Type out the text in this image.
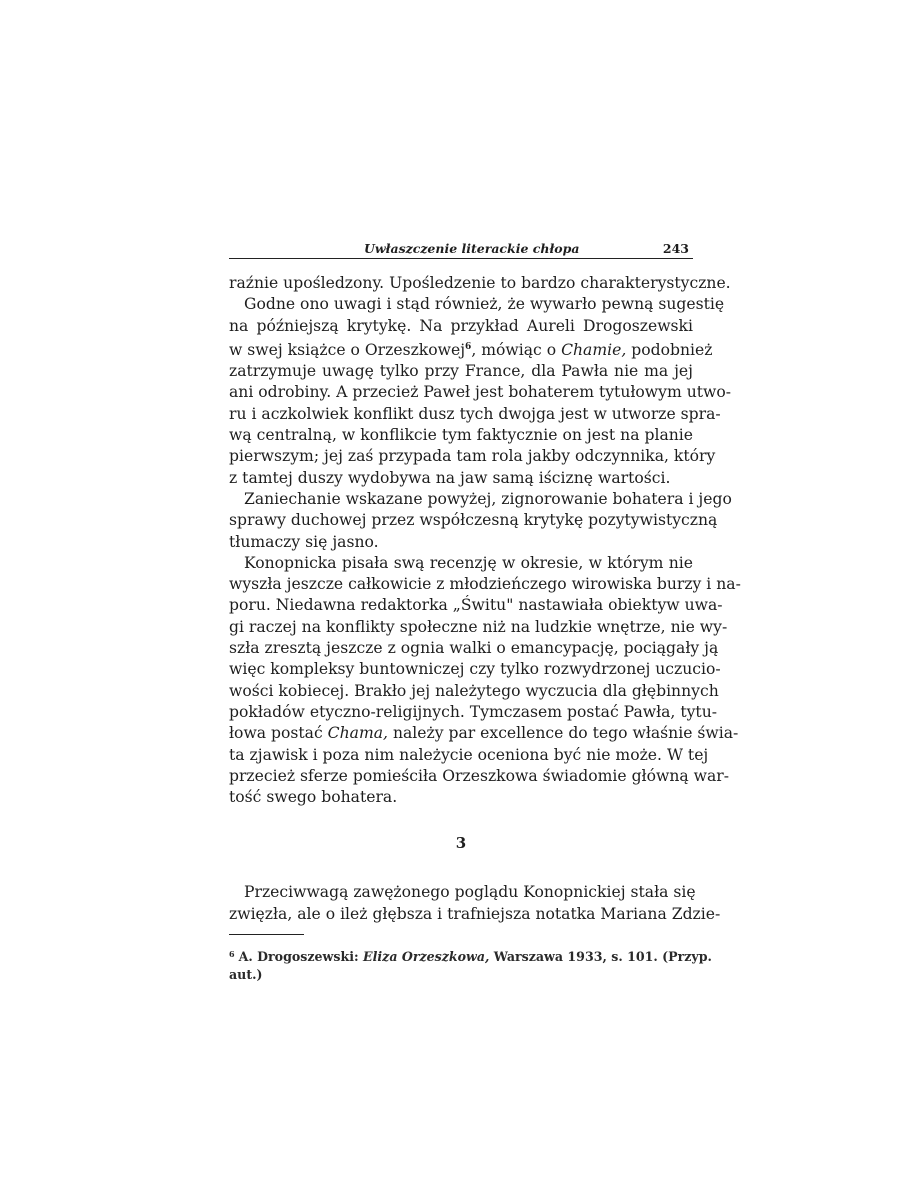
Uwłaszczenie literackie chłopa	243
raźnie upośledzony. Upośledzenie to bardzo charakterystyczne.
Godne ono uwagi i stąd również, że wywarło pewną sugestię
na późniejszą krytykę. Na przykład Aureli Drogoszewski
w swej książce o Orzeszkowej$^6$, mówiąc o Chamie, podobnież
zatrzymuje uwagę tylko przy France, dla Pawła nie ma jej
ani odrobiny. A przecież Paweł jest bohaterem tytułowym utwo-
ru i aczkolwiek konflikt dusz tych dwojga jest w utworze spra-
wą centralną, w konflikcie tym faktycznie on jest na planie
pierwszym; jej zaś przypada tam rola jakby odczynnika, który
z tamtej duszy wydobywa na jaw samą iściznę wartości.
Zaniechanie wskazane powyżej, zignorowanie bohatera i jego
sprawy duchowej przez współczesną krytykę pozytywistyczną
tłumaczy się jasno.
Konopnicka pisała swą recenzję w okresie, w którym nie
wyszła jeszcze całkowicie z młodzieńczego wirowiska burzy i na-
poru. Niedawna redaktorka „Świtu" nastawiała obiektyw uwa-
gi raczej na konflikty społeczne niż na ludzkie wnętrze, nie wy-
szła zresztą jeszcze z ognia walki o emancypację, pociągały ją
więc kompleksy buntowniczej czy tylko rozwydrzonej uczucio-
wości kobiecej. Brakło jej należytego wyczucia dla głębinnych
pokładów etyczno-religijnych. Tymczasem postać Pawła, tytu-
łowa postać Chama, należy par excellence do tego właśnie świa-
ta zjawisk i poza nim należycie oceniona być nie może. W tej
przecież sferze pomieściła Orzeszkowa świadomie główną war-
tość swego bohatera.
3
Przeciwwagą zawężonego poglądu Konopnickiej stała się
zwięzła, ale o ileż głębsza i trafniejsza notatka Mariana Zdzie-
$^6$ A. Drogoszewski: Eliza Orzeszkowa, Warszawa 1933, s. 101. (Przyp.
aut.)
